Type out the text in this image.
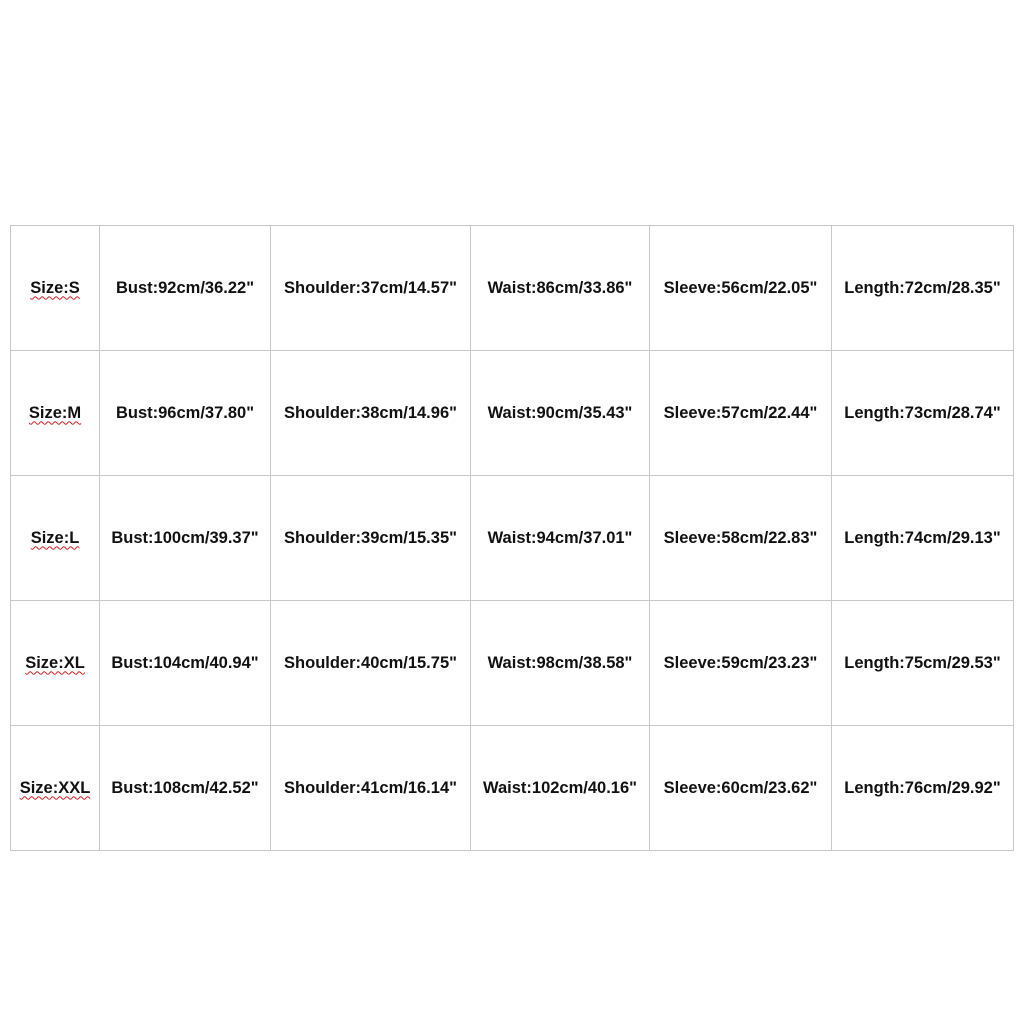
Size:S	Bust:92cm/36.22"	Shoulder:37cm/14.57"	Waist:86cm/33.86"	Sleeve:56cm/22.05"	Length:72cm/28.35"
Size:M	Bust:96cm/37.80"	Shoulder:38cm/14.96"	Waist:90cm/35.43"	Sleeve:57cm/22.44"	Length:73cm/28.74"
Size:L	Bust:100cm/39.37"	Shoulder:39cm/15.35"	Waist:94cm/37.01"	Sleeve:58cm/22.83"	Length:74cm/29.13"
Size:XL	Bust:104cm/40.94"	Shoulder:40cm/15.75"	Waist:98cm/38.58"	Sleeve:59cm/23.23"	Length:75cm/29.53"
Size:XXL	Bust:108cm/42.52"	Shoulder:41cm/16.14"	Waist:102cm/40.16"	Sleeve:60cm/23.62"	Length:76cm/29.92"
